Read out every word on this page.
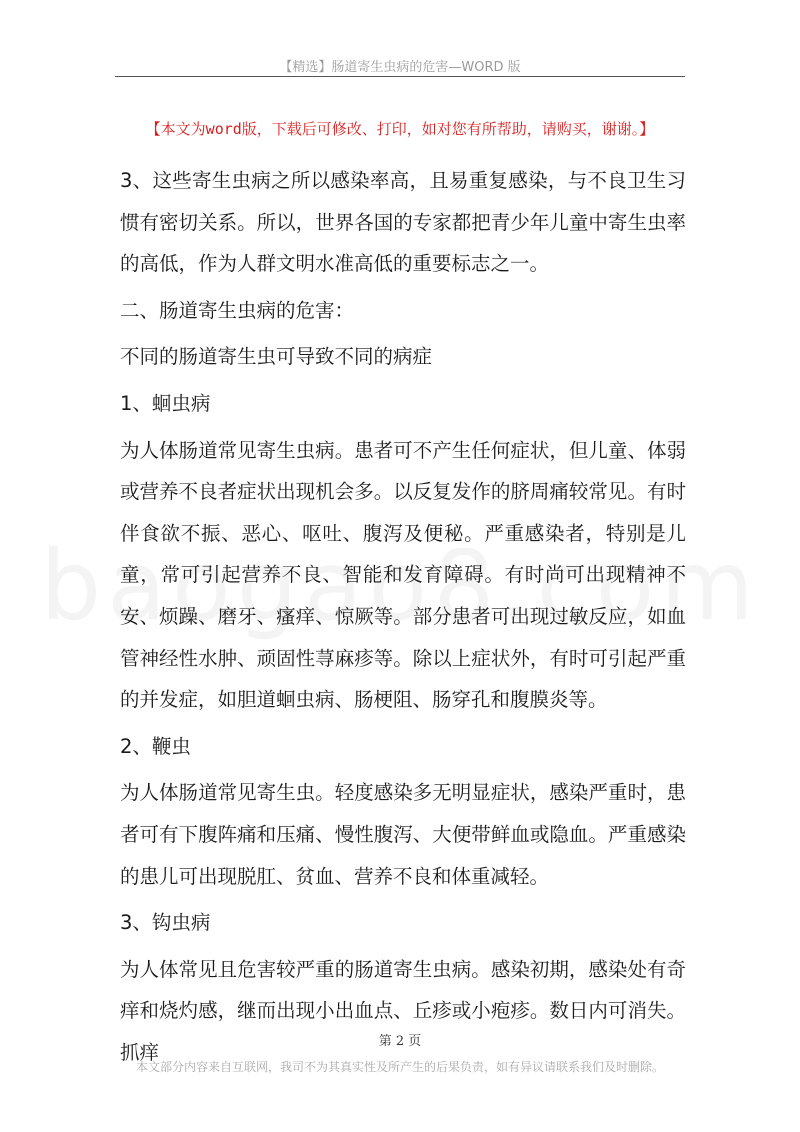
【精选】肠道寄生虫病的危害—WORD 版
【本文为word版，下载后可修改、打印，如对您有所帮助，请购买，谢谢。】

3、这些寄生虫病之所以感染率高，且易重复感染，与不良卫生习惯有密切关系。所以，世界各国的专家都把青少年儿童中寄生虫率的高低，作为人群文明水准高低的重要标志之一。

二、肠道寄生虫病的危害：

不同的肠道寄生虫可导致不同的病症

1、蛔虫病

为人体肠道常见寄生虫病。患者可不产生任何症状，但儿童、体弱或营养不良者症状出现机会多。以反复发作的脐周痛较常见。有时伴食欲不振、恶心、呕吐、腹泻及便秘。严重感染者，特别是儿童，常可引起营养不良、智能和发育障碍。有时尚可出现精神不安、烦躁、磨牙、瘙痒、惊厥等。部分患者可出现过敏反应，如血管神经性水肿、顽固性荨麻疹等。除以上症状外，有时可引起严重的并发症，如胆道蛔虫病、肠梗阻、肠穿孔和腹膜炎等。

2、鞭虫

为人体肠道常见寄生虫。轻度感染多无明显症状，感染严重时，患者可有下腹阵痛和压痛、慢性腹泻、大便带鲜血或隐血。严重感染的患儿可出现脱肛、贫血、营养不良和体重减轻。

3、钩虫病

为人体常见且危害较严重的肠道寄生虫病。感染初期，感染处有奇痒和烧灼感，继而出现小出血点、丘疹或小疱疹。数日内可消失。抓痒	第 2 页
本文部分内容来自互联网，我司不为其真实性及所产生的后果负责，如有异议请联系我们及时删除。
